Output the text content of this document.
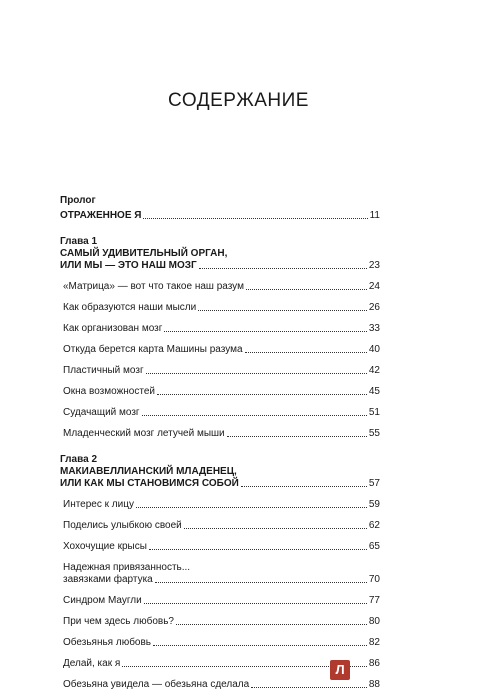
СОДЕРЖАНИЕ
Пролог
ОТРАЖЕННОЕ Я	11
Глава 1
САМЫЙ УДИВИТЕЛЬНЫЙ ОРГАН,
ИЛИ МЫ — ЭТО НАШ МОЗГ	23
«Матрица» — вот что такое наш разум	24
Как образуются наши мысли	26
Как организован мозг	33
Откуда берется карта Машины разума	40
Пластичный мозг	42
Окна возможностей	45
Судачащий мозг	51
Младенческий мозг летучей мыши	55
Глава 2
МАКИАВЕЛЛИАНСКИЙ МЛАДЕНЕЦ,
ИЛИ КАК МЫ СТАНОВИМСЯ СОБОЙ	57
Интерес к лицу	59
Поделись улыбкою своей	62
Хохочущие крысы	65
Надежная привязанность...
завязками фартука	70
Синдром Маугли	77
При чем здесь любовь?	80
Обезьянья любовь	82
Делай, как я	86
Обезьяна увидела — обезьяна сделала	88
Л
